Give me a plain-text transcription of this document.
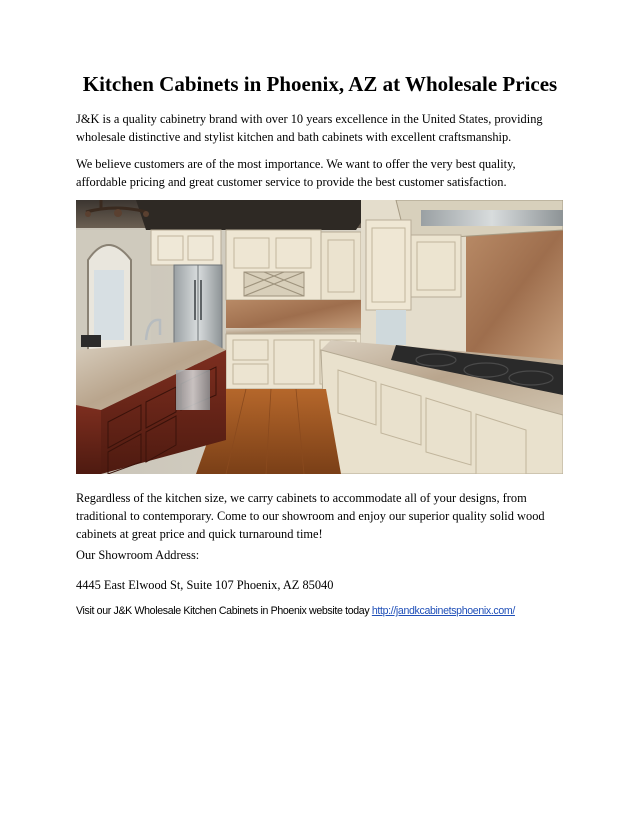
Kitchen Cabinets in Phoenix, AZ at Wholesale Prices

J&K is a quality cabinetry brand with over 10 years excellence in the United States, providing wholesale distinctive and stylist kitchen and bath cabinets with excellent craftsmanship.

We believe customers are of the most importance. We want to offer the very best quality, affordable pricing and great customer service to provide the best customer satisfaction.

Regardless of the kitchen size, we carry cabinets to accommodate all of your designs, from traditional to contemporary. Come to our showroom and enjoy our superior quality solid wood cabinets at great price and quick turnaround time!

Our Showroom Address:

4445 East Elwood St, Suite 107 Phoenix, AZ 85040

Visit our J&K Wholesale Kitchen Cabinets in Phoenix website today http://jandkcabinetsphoenix.com/
